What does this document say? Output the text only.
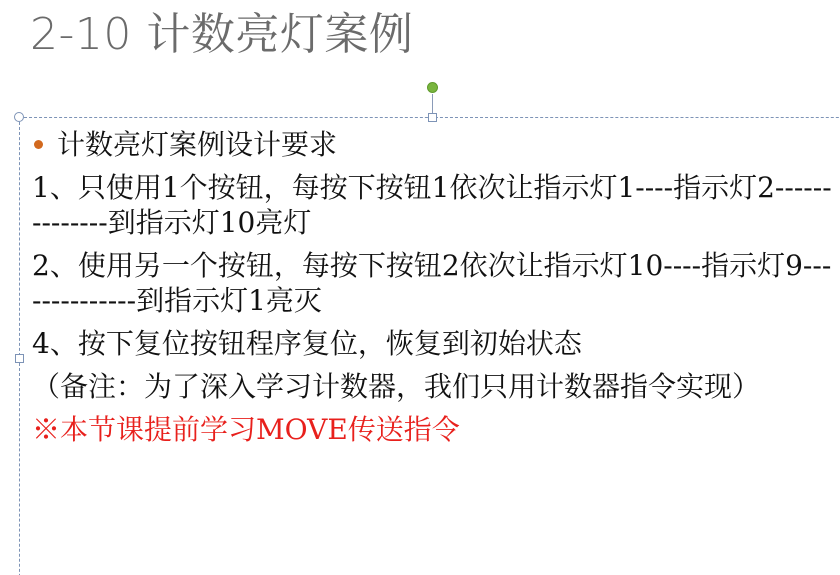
2-10 计数亮灯案例
计数亮灯案例设计要求

1、只使用1个按钮，每按下按钮1依次让指示灯1----指示灯2--------------到指示灯10亮灯

2、使用另一个按钮，每按下按钮2依次让指示灯10----指示灯9--------------到指示灯1亮灭

4、按下复位按钮程序复位，恢复到初始状态

（备注：为了深入学习计数器，我们只用计数器指令实现）

※本节课提前学习MOVE传送指令
